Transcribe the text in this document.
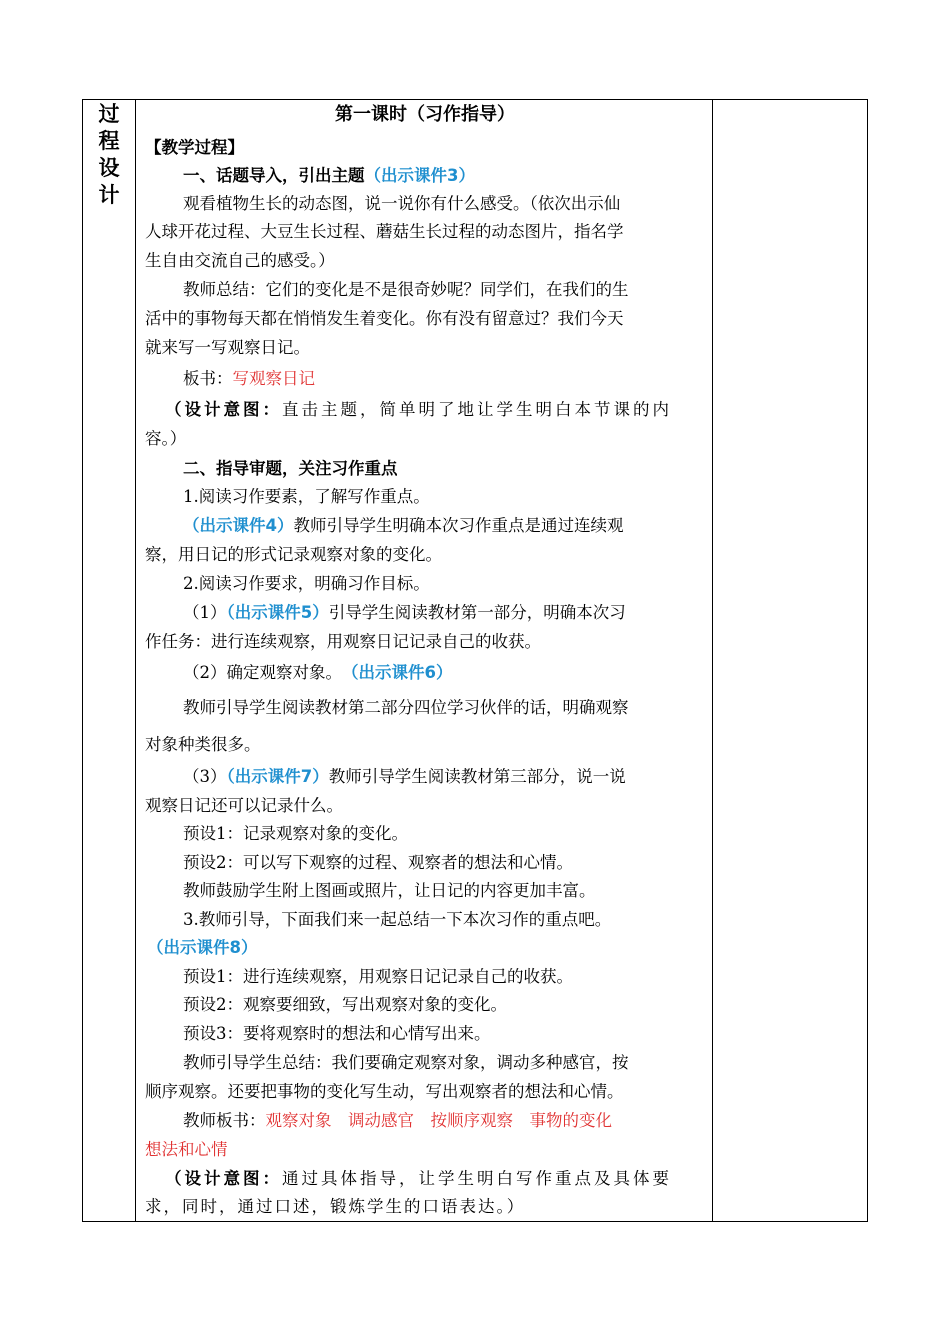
过
程
设
计
第一课时（习作指导）
【教学过程】
一、话题导入，引出主题（出示课件3）
观看植物生长的动态图，说一说你有什么感受。（依次出示仙
人球开花过程、大豆生长过程、蘑菇生长过程的动态图片，指名学
生自由交流自己的感受。）
教师总结：它们的变化是不是很奇妙呢？同学们，在我们的生
活中的事物每天都在悄悄发生着变化。你有没有留意过？我们今天
就来写一写观察日记。
板书：写观察日记
（设计意图：直击主题，简单明了地让学生明白本节课的内
容。）
二、指导审题，关注习作重点
1.阅读习作要素，了解写作重点。
（出示课件4）教师引导学生明确本次习作重点是通过连续观
察，用日记的形式记录观察对象的变化。
2.阅读习作要求，明确习作目标。
（1）（出示课件5）引导学生阅读教材第一部分，明确本次习
作任务：进行连续观察，用观察日记记录自己的收获。
（2）确定观察对象。　 （出示课件6）
教师引导学生阅读教材第二部分四位学习伙伴的话，明确观察
对象种类很多。
（3）（出示课件7）教师引导学生阅读教材第三部分，说一说
观察日记还可以记录什么。
预设1：记录观察对象的变化。
预设2：可以写下观察的过程、观察者的想法和心情。
教师鼓励学生附上图画或照片，让日记的内容更加丰富。
3.教师引导，下面我们来一起总结一下本次习作的重点吧。
（出示课件8）
预设1：进行连续观察，用观察日记记录自己的收获。
预设2：观察要细致，写出观察对象的变化。
预设3：要将观察时的想法和心情写出来。
教师引导学生总结：我们要确定观察对象，调动多种感官，按
顺序观察。还要把事物的变化写生动，写出观察者的想法和心情。
教师板书：观察对象　调动感官　按顺序观察　事物的变化
想法和心情
（设计意图：通过具体指导，让学生明白写作重点及具体要
求，同时，通过口述，锻炼学生的口语表达。）
